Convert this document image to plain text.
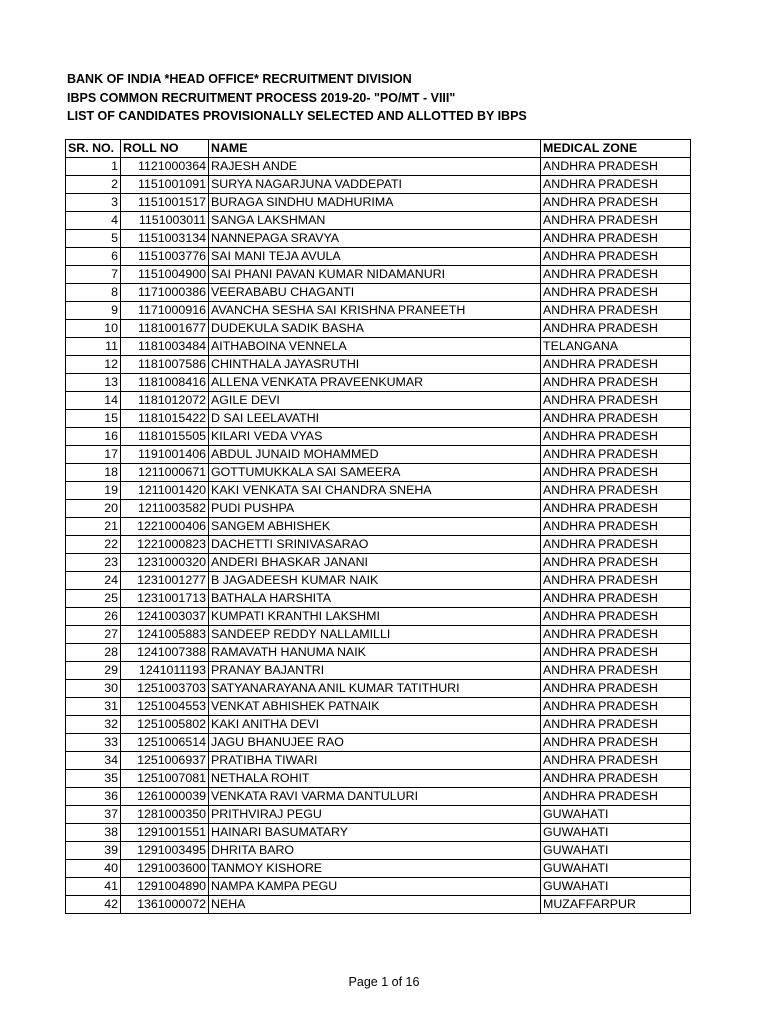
BANK OF INDIA *HEAD OFFICE* RECRUITMENT DIVISION
IBPS COMMON RECRUITMENT PROCESS 2019-20- "PO/MT - VIII"
LIST OF CANDIDATES PROVISIONALLY SELECTED AND ALLOTTED BY IBPS
SR. NO.	ROLL NO	NAME	MEDICAL ZONE
1	1121000364	RAJESH ANDE	ANDHRA PRADESH
2	1151001091	SURYA NAGARJUNA VADDEPATI	ANDHRA PRADESH
3	1151001517	BURAGA SINDHU MADHURIMA	ANDHRA PRADESH
4	1151003011	SANGA LAKSHMAN	ANDHRA PRADESH
5	1151003134	NANNEPAGA SRAVYA	ANDHRA PRADESH
6	1151003776	SAI MANI TEJA AVULA	ANDHRA PRADESH
7	1151004900	SAI PHANI PAVAN KUMAR NIDAMANURI	ANDHRA PRADESH
8	1171000386	VEERABABU CHAGANTI	ANDHRA PRADESH
9	1171000916	AVANCHA SESHA SAI KRISHNA PRANEETH	ANDHRA PRADESH
10	1181001677	DUDEKULA SADIK BASHA	ANDHRA PRADESH
11	1181003484	AITHABOINA VENNELA	TELANGANA
12	1181007586	CHINTHALA JAYASRUTHI	ANDHRA PRADESH
13	1181008416	ALLENA VENKATA PRAVEENKUMAR	ANDHRA PRADESH
14	1181012072	AGILE DEVI	ANDHRA PRADESH
15	1181015422	D SAI LEELAVATHI	ANDHRA PRADESH
16	1181015505	KILARI VEDA VYAS	ANDHRA PRADESH
17	1191001406	ABDUL JUNAID MOHAMMED	ANDHRA PRADESH
18	1211000671	GOTTUMUKKALA SAI SAMEERA	ANDHRA PRADESH
19	1211001420	KAKI VENKATA SAI CHANDRA SNEHA	ANDHRA PRADESH
20	1211003582	PUDI PUSHPA	ANDHRA PRADESH
21	1221000406	SANGEM ABHISHEK	ANDHRA PRADESH
22	1221000823	DACHETTI SRINIVASARAO	ANDHRA PRADESH
23	1231000320	ANDERI BHASKAR JANANI	ANDHRA PRADESH
24	1231001277	B JAGADEESH KUMAR NAIK	ANDHRA PRADESH
25	1231001713	BATHALA HARSHITA	ANDHRA PRADESH
26	1241003037	KUMPATI KRANTHI LAKSHMI	ANDHRA PRADESH
27	1241005883	SANDEEP REDDY NALLAMILLI	ANDHRA PRADESH
28	1241007388	RAMAVATH HANUMA NAIK	ANDHRA PRADESH
29	1241011193	PRANAY BAJANTRI	ANDHRA PRADESH
30	1251003703	SATYANARAYANA ANIL KUMAR TATITHURI	ANDHRA PRADESH
31	1251004553	VENKAT ABHISHEK PATNAIK	ANDHRA PRADESH
32	1251005802	KAKI ANITHA DEVI	ANDHRA PRADESH
33	1251006514	JAGU BHANUJEE RAO	ANDHRA PRADESH
34	1251006937	PRATIBHA TIWARI	ANDHRA PRADESH
35	1251007081	NETHALA ROHIT	ANDHRA PRADESH
36	1261000039	VENKATA RAVI VARMA DANTULURI	ANDHRA PRADESH
37	1281000350	PRITHVIRAJ PEGU	GUWAHATI
38	1291001551	HAINARI BASUMATARY	GUWAHATI
39	1291003495	DHRITA BARO	GUWAHATI
40	1291003600	TANMOY KISHORE	GUWAHATI
41	1291004890	NAMPA KAMPA PEGU	GUWAHATI
42	1361000072	NEHA	MUZAFFARPUR
Page 1 of 16
